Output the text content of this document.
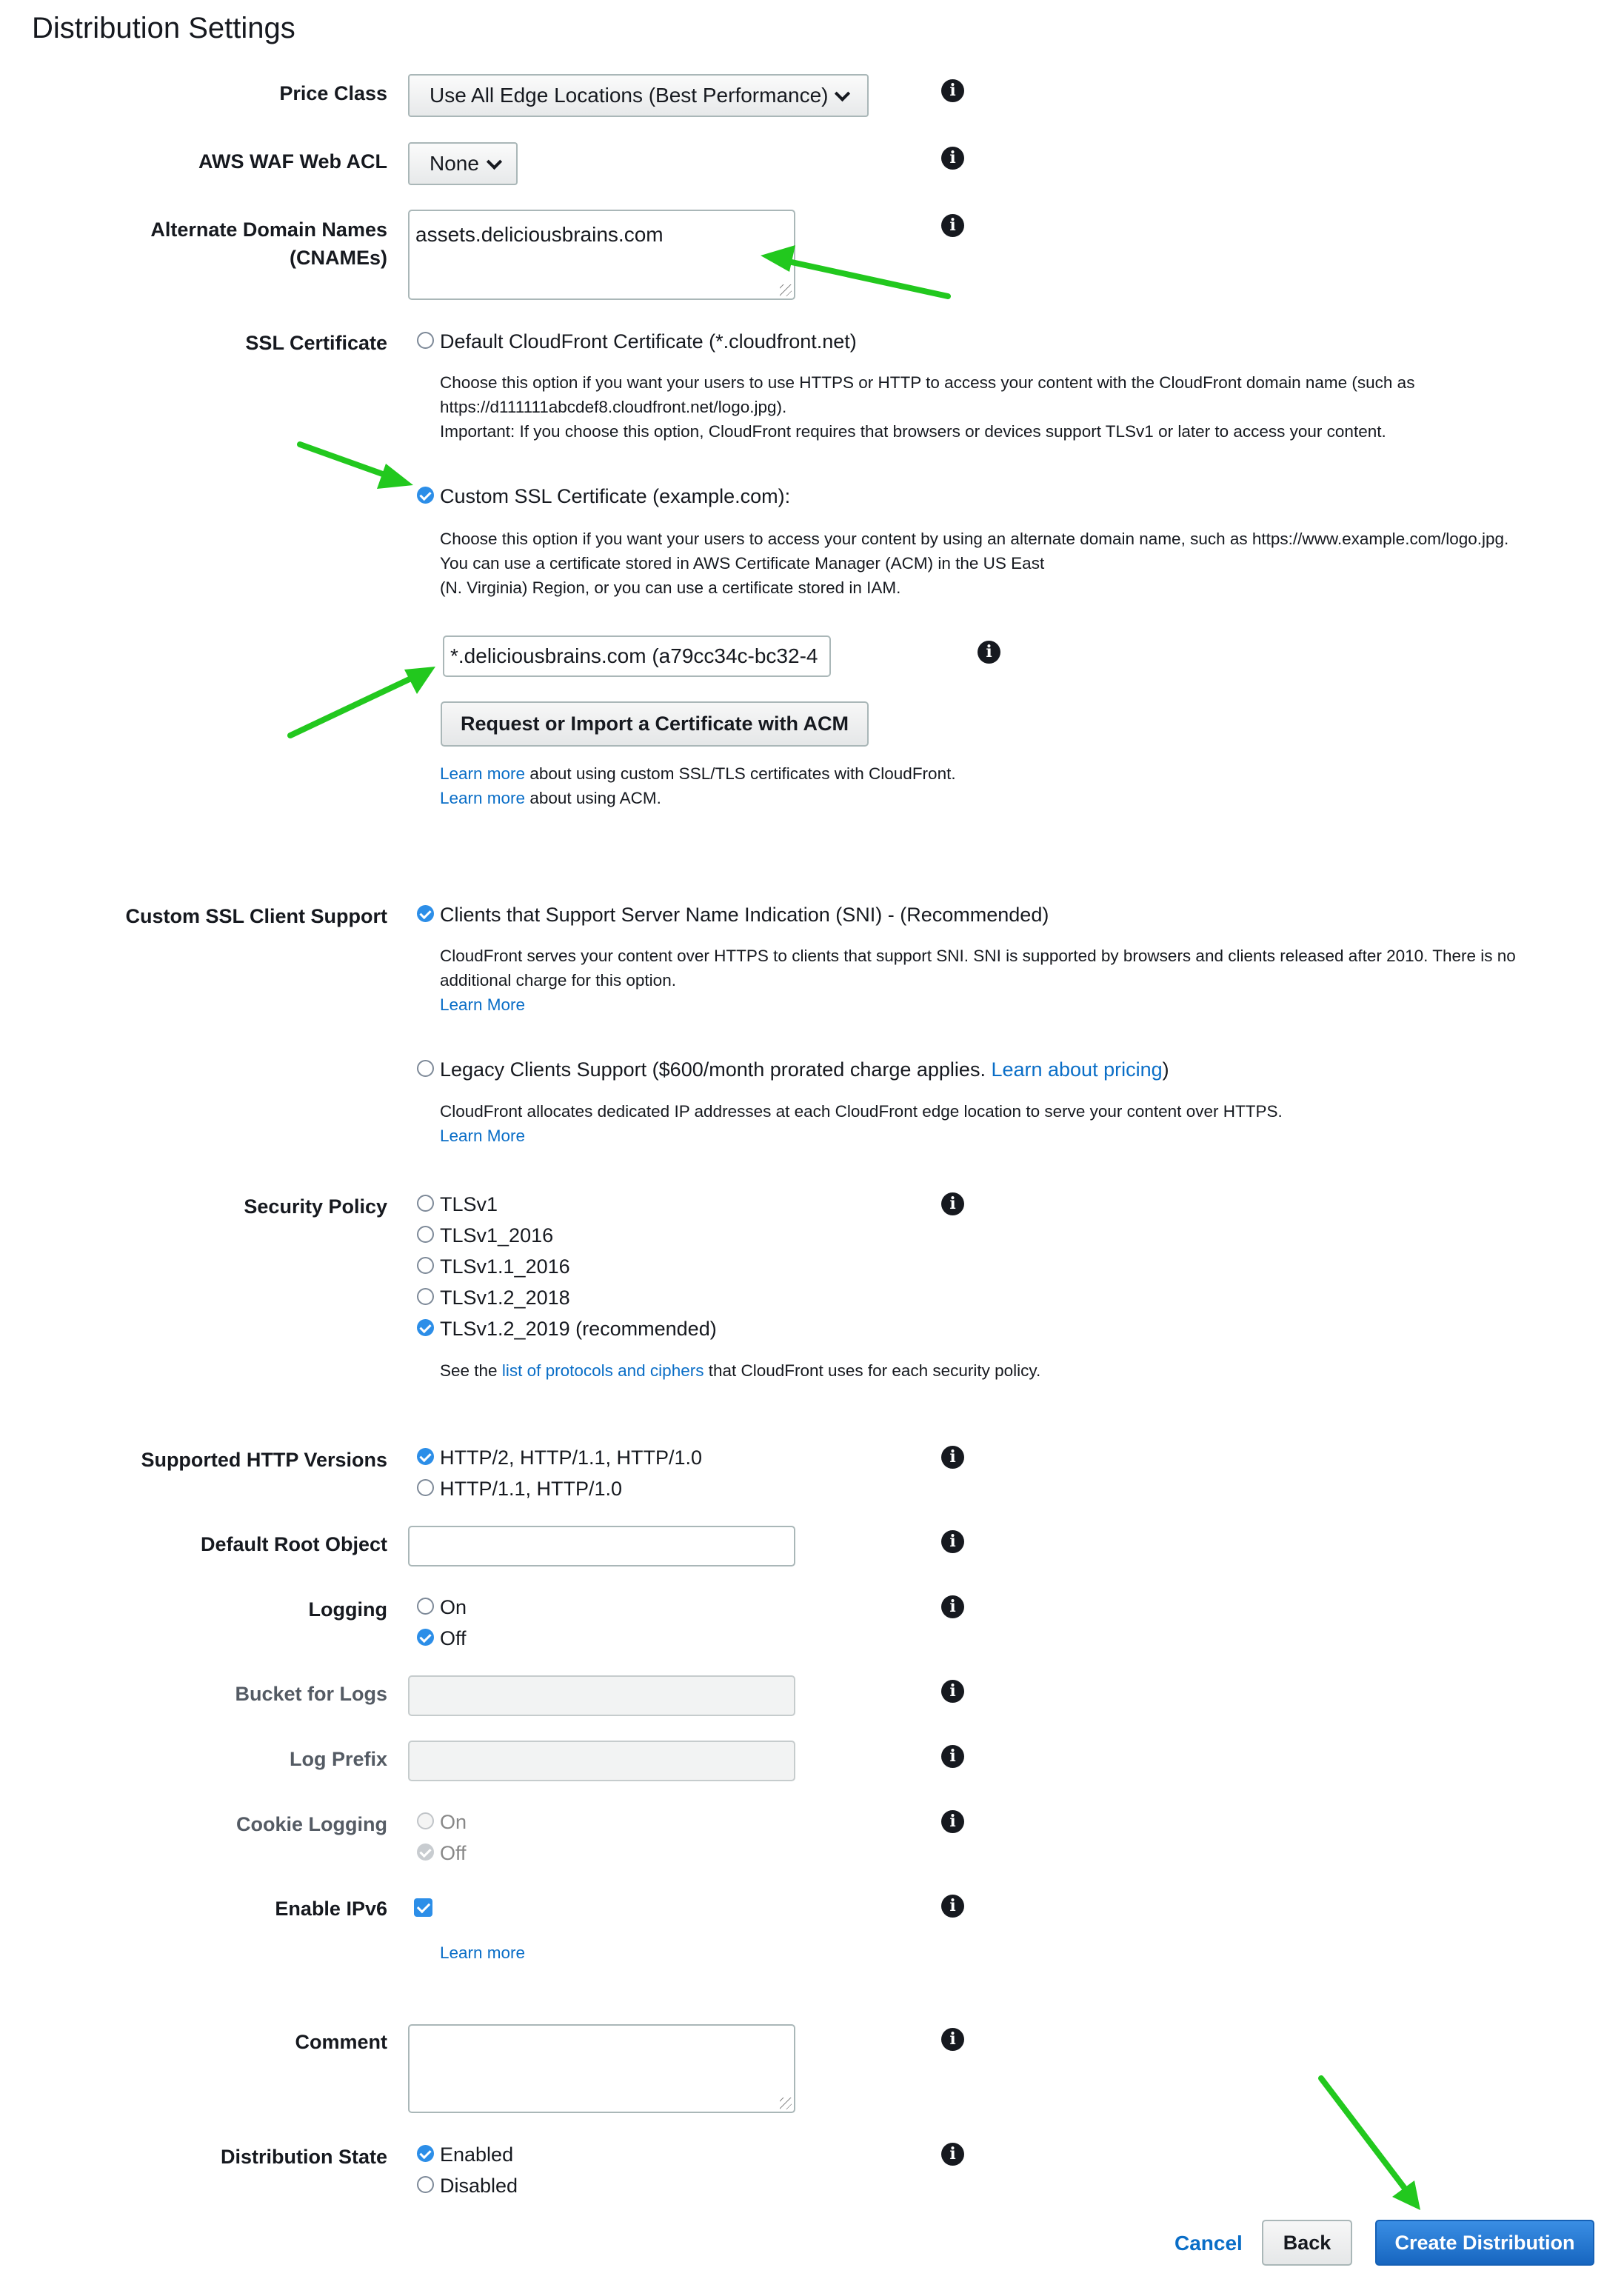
Distribution Settings
Price Class	Use All Edge Locations (Best Performance)	i
AWS WAF Web ACL	None	i
Alternate Domain Names
(CNAMEs)
assets.deliciousbrains.com	i
SSL Certificate	Default CloudFront Certificate (*.cloudfront.net)
Choose this option if you want your users to use HTTPS or HTTP to access your content with the CloudFront domain name (such as
https://d111111abcdef8.cloudfront.net/logo.jpg).
Important: If you choose this option, CloudFront requires that browsers or devices support TLSv1 or later to access your content.
Custom SSL Certificate (example.com):
Choose this option if you want your users to access your content by using an alternate domain name, such as https://www.example.com/logo.jpg.
You can use a certificate stored in AWS Certificate Manager (ACM) in the US East
(N. Virginia) Region, or you can use a certificate stored in IAM.
*.deliciousbrains.com (a79cc34c-bc32-4	i
Request or Import a Certificate with ACM
Learn more about using custom SSL/TLS certificates with CloudFront.
Learn more about using ACM.
Custom SSL Client Support	Clients that Support Server Name Indication (SNI) - (Recommended)
CloudFront serves your content over HTTPS to clients that support SNI. SNI is supported by browsers and clients released after 2010. There is no
additional charge for this option.
Learn More
Legacy Clients Support ($600/month prorated charge applies. Learn about pricing)
CloudFront allocates dedicated IP addresses at each CloudFront edge location to serve your content over HTTPS.
Learn More
Security Policy	TLSv1
TLSv1_2016
TLSv1.1_2016
TLSv1.2_2018
TLSv1.2_2019 (recommended)
i
See the list of protocols and ciphers that CloudFront uses for each security policy.
Supported HTTP Versions	HTTP/2, HTTP/1.1, HTTP/1.0
HTTP/1.1, HTTP/1.0
i
Default Root Object	i
Logging	On
Off
i
Bucket for Logs	i
Log Prefix	i
Cookie Logging	On
Off
i
Enable IPv6	i
Learn more
Comment	i
Distribution State	Enabled
Disabled
i
Cancel	Back	Create Distribution
